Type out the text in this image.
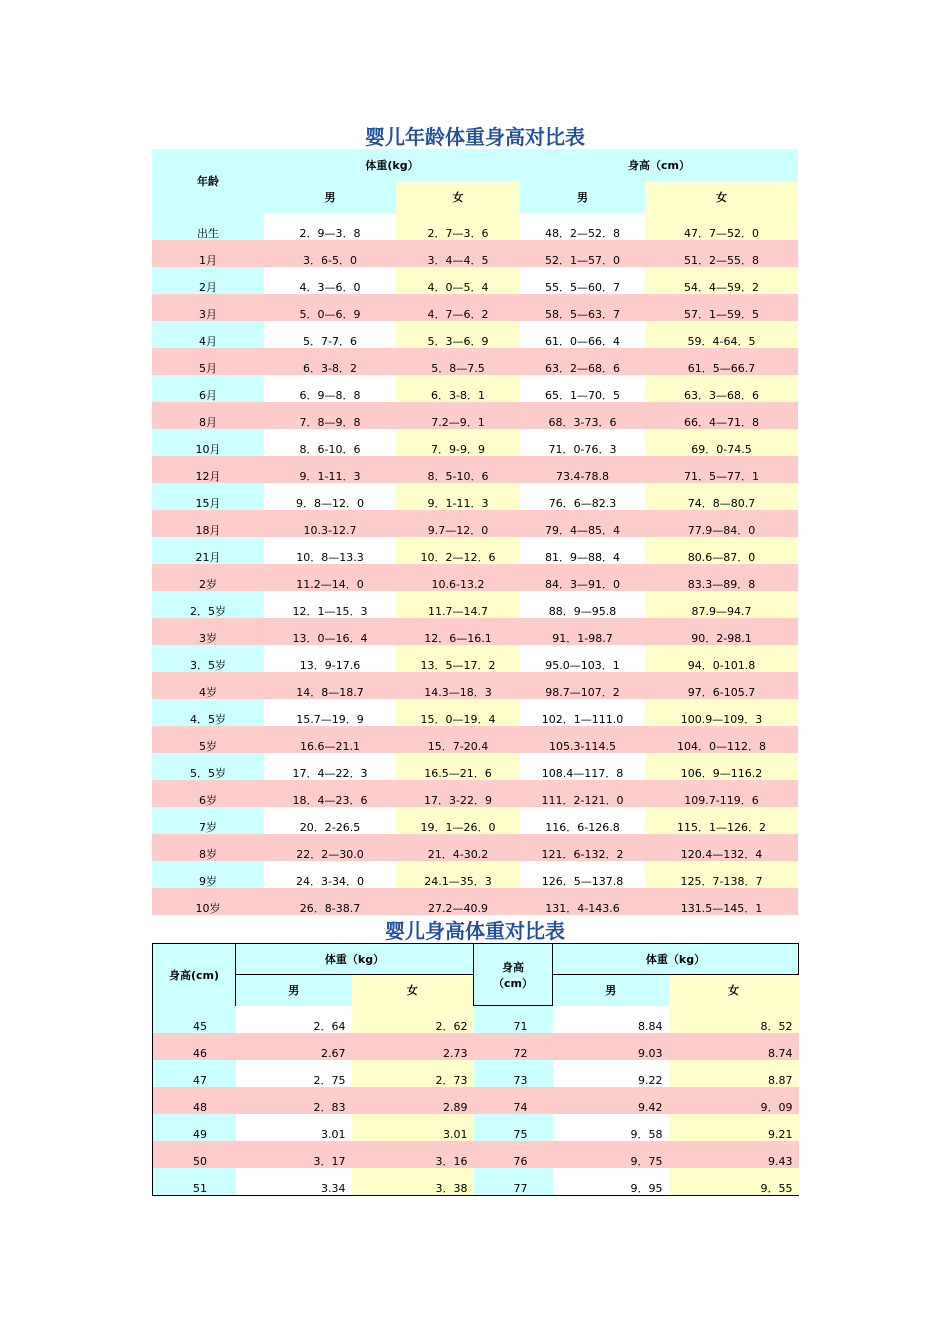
婴儿年龄体重身高对比表
年龄	体重(kg）		身高（cm）	
	男	女	男	女
出生	2．9—3．8	2．7—3．6	48．2—52．8	47．7—52．0
1月	3．6-5．0	3．4—4．5	52．1—57．0	51．2—55．8
2月	4．3—6．0	4．0—5．4	55．5—60．7	54．4—59．2
3月	5．0—6．9	4．7—6．2	58．5—63．7	57．1—59．5
4月	5．7-7．6	5．3—6．9	61．0—66．4	59．4-64．5
5月	6．3-8．2	5．8—7.5	63．2—68．6	61．5—66.7
6月	6．9—8．8	6．3-8．1	65．1—70．5	63．3—68．6
8月	7．8—9．8	7.2—9．1	68．3-73．6	66．4—71．8
10月	8．6-10．6	7．9-9．9	71．0-76．3	69．0-74.5
12月	9．1-11．3	8．5-10．6	73.4-78.8	71．5—77．1
15月	9．8—12．0	9．1-11．3	76．6—82.3	74．8—80.7
18月	10.3-12.7	9.7—12．0	79．4—85．4	77.9—84．0
21月	10．8—13.3	10．2—12．6	81．9—88．4	80.6—87．0
2岁	11.2—14．0	10.6-13.2	84．3—91．0	83.3—89．8
2．5岁	12．1—15．3	11.7—14.7	88．9—95.8	87.9—94.7
3岁	13．0—16．4	12．6—16.1	91．1-98.7	90．2-98.1
3．5岁	13．9-17.6	13．5—17．2	95.0—103．1	94．0-101.8
4岁	14．8—18.7	14.3—18．3	98.7—107．2	97．6-105.7
4．5岁	15.7—19．9	15．0—19．4	102．1—111.0	100.9—109．3
5岁	16.6—21.1	15．7-20.4	105.3-114.5	104．0—112．8
5．5岁	17．4—22．3	16.5—21．6	108.4—117．8	106．9—116.2
6岁	18．4—23．6	17．3-22．9	111．2-121．0	109.7-119．6
7岁	20．2-26.5	19．1—26．0	116．6-126.8	115．1—126．2
8岁	22．2—30.0	21．4-30.2	121．6-132．2	120.4—132．4
9岁	24．3-34．0	24.1—35．3	126．5—137.8	125．7-138．7
10岁	26．8-38.7	27.2—40.9	131．4-143.6	131.5—145．1
婴儿身高体重对比表
身高(cm)	体重（kg）		身高
（cm）	体重（kg）	
	男	女		男	女
45	2．64	2．62	71	8.84	8．52
46	2.67	2.73	72	9.03	8.74
47	2．75	2．73	73	9.22	8.87
48	2．83	2.89	74	9.42	9．09
49	3.01	3.01	75	9．58	9.21
50	3．17	3．16	76	9．75	9.43
51	3.34	3．38	77	9．95	9．55
